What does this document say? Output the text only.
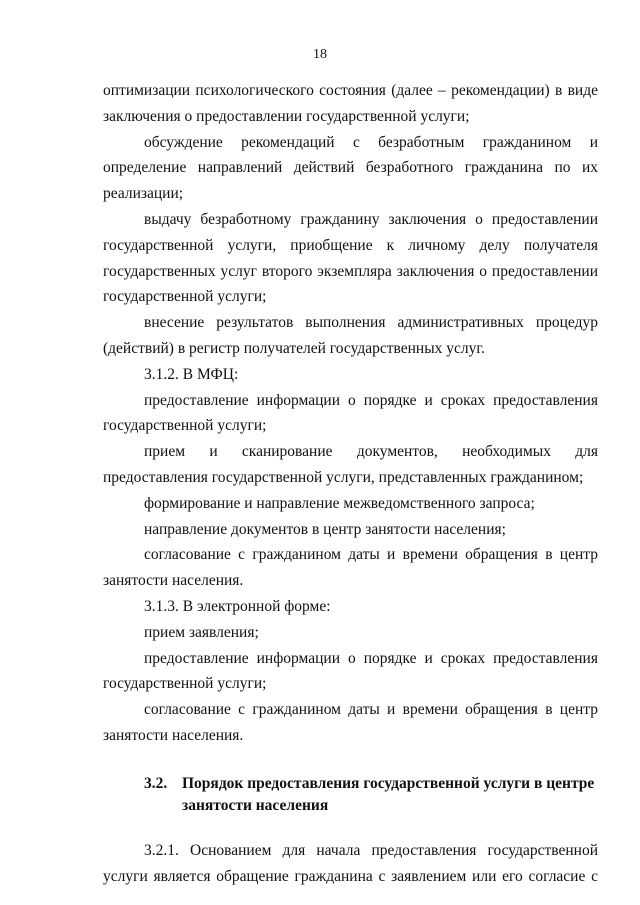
18

оптимизации психологического состояния (далее – рекомендации) в виде заключения о предоставлении государственной услуги;

обсуждение рекомендаций с безработным гражданином и определение направлений действий безработного гражданина по их реализации;

выдачу безработному гражданину заключения о предоставлении государственной услуги, приобщение к личному делу получателя государственных услуг второго экземпляра заключения о предоставлении государственной услуги;

внесение результатов выполнения административных процедур (действий) в регистр получателей государственных услуг.

3.1.2. В МФЦ:

предоставление информации о порядке и сроках предоставления государственной услуги;

прием и сканирование документов, необходимых для предоставления государственной услуги, представленных гражданином;

формирование и направление межведомственного запроса;

направление документов в центр занятости населения;

согласование с гражданином даты и времени обращения в центр занятости населения.

3.1.3. В электронной форме:

прием заявления;

предоставление информации о порядке и сроках предоставления государственной услуги;

согласование с гражданином даты и времени обращения в центр занятости населения.

3.2. Порядок предоставления государственной услуги в центре
занятости населения

3.2.1. Основанием для начала предоставления государственной услуги является обращение гражданина с заявлением или его согласие с
